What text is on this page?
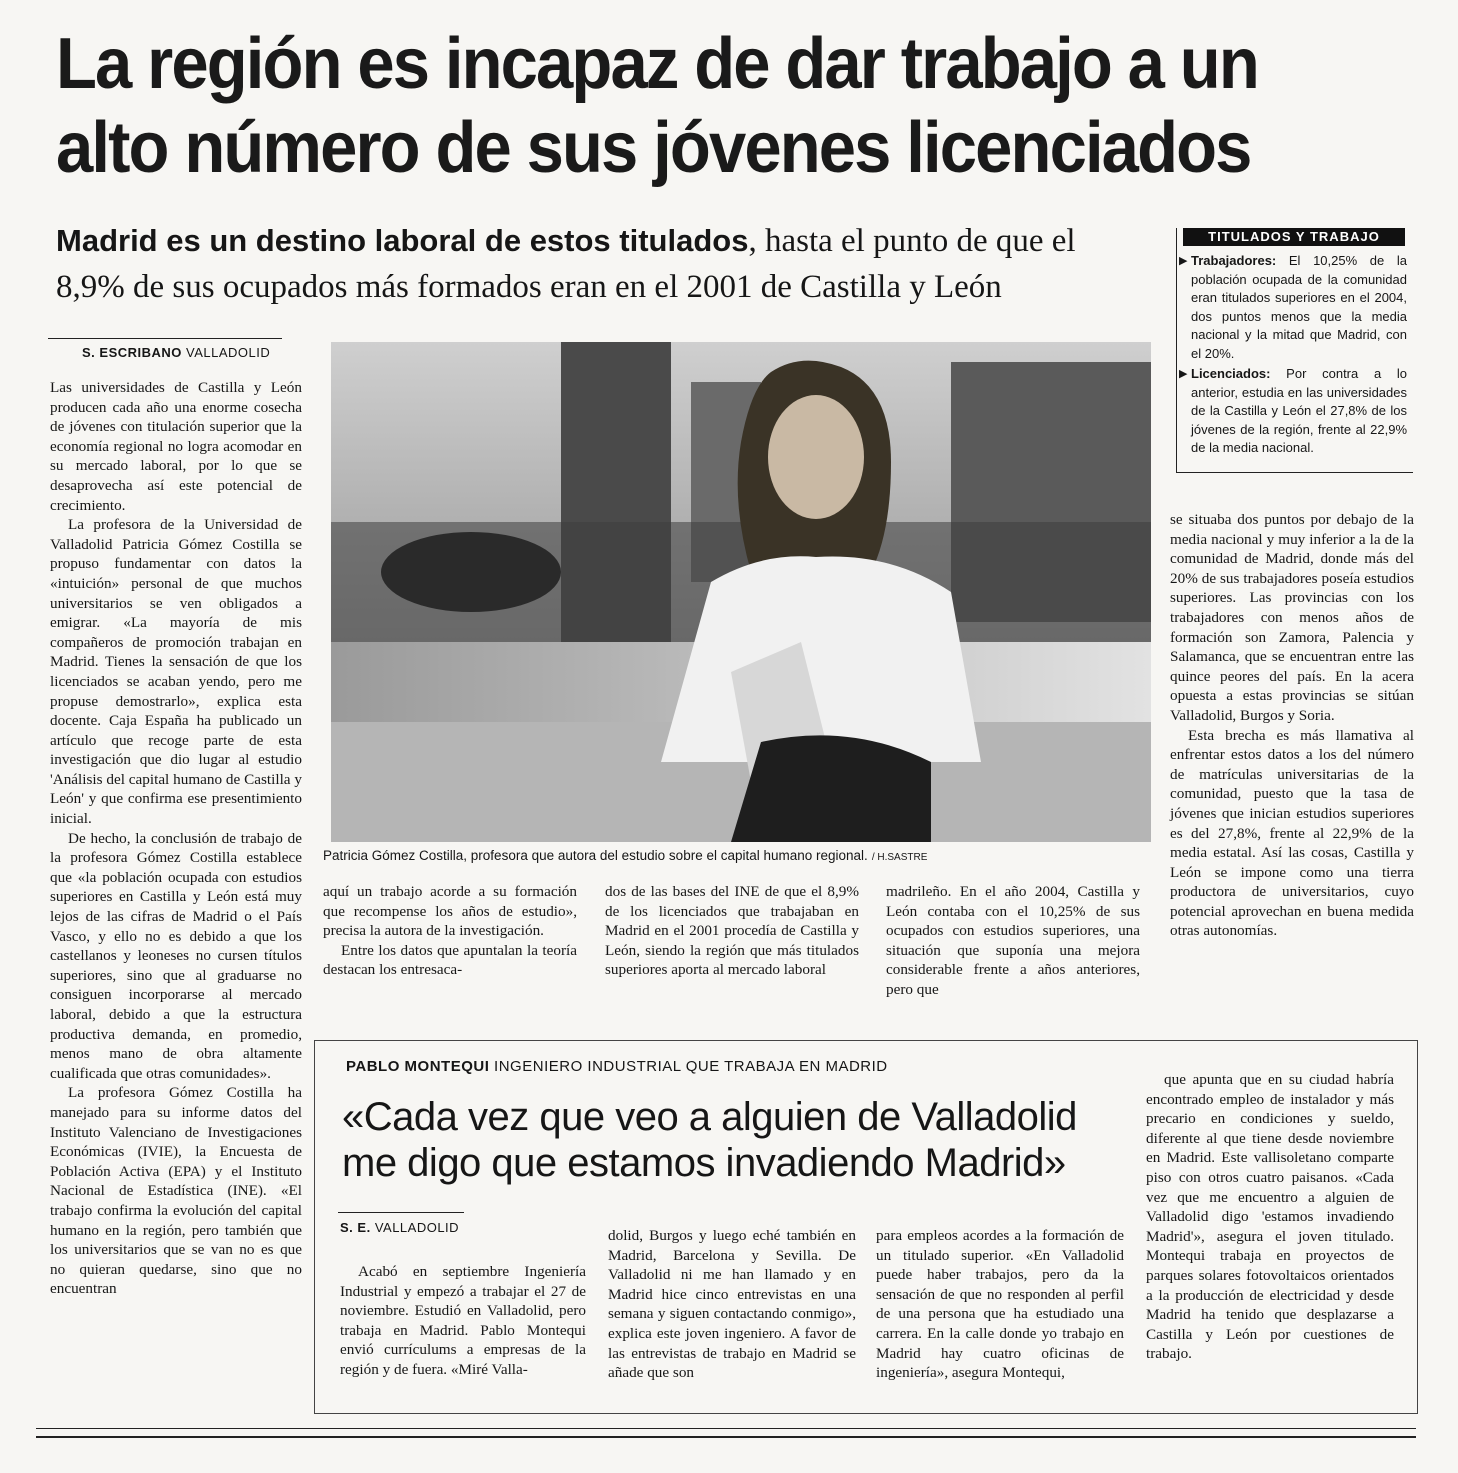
La región es incapaz de dar trabajo a un
alto número de sus jóvenes licenciados
Madrid es un destino laboral de estos titulados, hasta el punto de que el
8,9% de sus ocupados más formados eran en el 2001 de Castilla y León
S. ESCRIBANO VALLADOLID

Las universidades de Castilla y León producen cada año una enorme cosecha de jóvenes con titulación superior que la economía regional no logra acomodar en su mercado laboral, por lo que se desaprovecha así este potencial de crecimiento.

La profesora de la Universidad de Valladolid Patricia Gómez Costilla se propuso fundamentar con datos la «intuición» personal de que muchos universitarios se ven obligados a emigrar. «La mayoría de mis compañeros de promoción trabajan en Madrid. Tienes la sensación de que los licenciados se acaban yendo, pero me propuse demostrarlo», explica esta docente. Caja España ha publicado un artículo que recoge parte de esta investigación que dio lugar al estudio 'Análisis del capital humano de Castilla y León' y que confirma ese presentimiento inicial.

De hecho, la conclusión de trabajo de la profesora Gómez Costilla establece que «la población ocupada con estudios superiores en Castilla y León está muy lejos de las cifras de Madrid o el País Vasco, y ello no es debido a que los castellanos y leoneses no cursen títulos superiores, sino que al graduarse no consiguen incorporarse al mercado laboral, debido a que la estructura productiva demanda, en promedio, menos mano de obra altamente cualificada que otras comunidades».

La profesora Gómez Costilla ha manejado para su informe datos del Instituto Valenciano de Investigaciones Económicas (IVIE), la Encuesta de Población Activa (EPA) y el Instituto Nacional de Estadística (INE). «El trabajo confirma la evolución del capital humano en la región, pero también que los universitarios que se van no es que no quieran quedarse, sino que no encuentran

Patricia Gómez Costilla, profesora que autora del estudio sobre el capital humano regional. / H.SASTRE

aquí un trabajo acorde a su formación que recompense los años de estudio», precisa la autora de la investigación.

Entre los datos que apuntalan la teoría destacan los entresaca-

dos de las bases del INE de que el 8,9% de los licenciados que trabajaban en Madrid en el 2001 procedía de Castilla y León, siendo la región que más titulados superiores aporta al mercado laboral

madrileño. En el año 2004, Castilla y León contaba con el 10,25% de sus ocupados con estudios superiores, una situación que suponía una mejora considerable frente a años anteriores, pero que

TITULADOS Y TRABAJO
▶ Trabajadores: El 10,25% de la población ocupada de la comunidad eran titulados superiores en el 2004, dos puntos menos que la media nacional y la mitad que Madrid, con el 20%.
▶ Licenciados: Por contra a lo anterior, estudia en las universidades de la Castilla y León el 27,8% de los jóvenes de la región, frente al 22,9% de la media nacional.

se situaba dos puntos por debajo de la media nacional y muy inferior a la de la comunidad de Madrid, donde más del 20% de sus trabajadores poseía estudios superiores. Las provincias con los trabajadores con menos años de formación son Zamora, Palencia y Salamanca, que se encuentran entre las quince peores del país. En la acera opuesta a estas provincias se sitúan Valladolid, Burgos y Soria.

Esta brecha es más llamativa al enfrentar estos datos a los del número de matrículas universitarias de la comunidad, puesto que la tasa de jóvenes que inician estudios superiores es del 27,8%, frente al 22,9% de la media estatal. Así las cosas, Castilla y León se impone como una tierra productora de universitarios, cuyo potencial aprovechan en buena medida otras autonomías.

PABLO MONTEQUI INGENIERO INDUSTRIAL QUE TRABAJA EN MADRID
«Cada vez que veo a alguien de Valladolid
me digo que estamos invadiendo Madrid»
S. E. VALLADOLID

Acabó en septiembre Ingeniería Industrial y empezó a trabajar el 27 de noviembre. Estudió en Valladolid, pero trabaja en Madrid. Pablo Montequi envió currículums a empresas de la región y de fuera. «Miré Valla-

dolid, Burgos y luego eché también en Madrid, Barcelona y Sevilla. De Valladolid ni me han llamado y en Madrid hice cinco entrevistas en una semana y siguen contactando conmigo», explica este joven ingeniero. A favor de las entrevistas de trabajo en Madrid se añade que son

para empleos acordes a la formación de un titulado superior. «En Valladolid puede haber trabajos, pero da la sensación de que no responden al perfil de una persona que ha estudiado una carrera. En la calle donde yo trabajo en Madrid hay cuatro oficinas de ingeniería», asegura Montequi,

que apunta que en su ciudad habría encontrado empleo de instalador y más precario en condiciones y sueldo, diferente al que tiene desde noviembre en Madrid. Este vallisoletano comparte piso con otros cuatro paisanos. «Cada vez que me encuentro a alguien de Valladolid digo 'estamos invadiendo Madrid'», asegura el joven titulado. Montequi trabaja en proyectos de parques solares fotovoltaicos orientados a la producción de electricidad y desde Madrid ha tenido que desplazarse a Castilla y León por cuestiones de trabajo.
